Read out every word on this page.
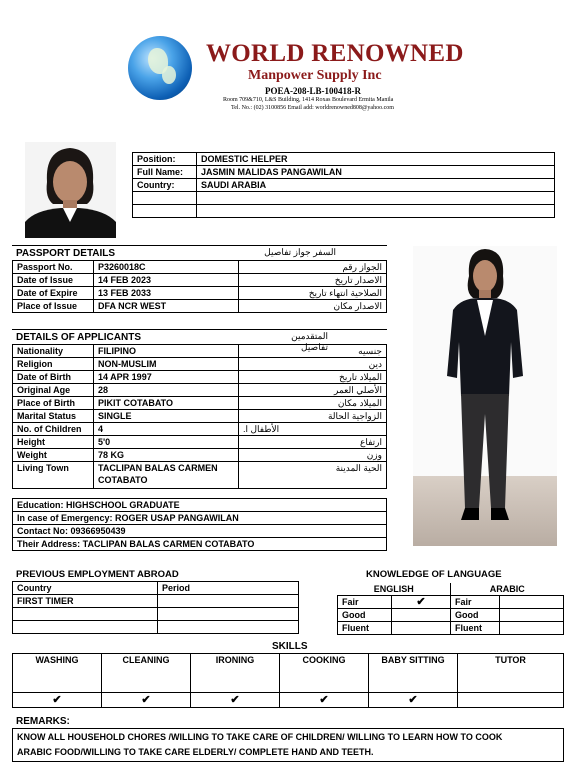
WORLD RENOWNED
Manpower Supply Inc
POEA-208-LB-100418-R
Room 709&710, L&S Building, 1414 Roxas Boulevard Ermita Manila
Tel. No.: (02) 3100856 Email add: worldrenowned808@yahoo.com
Position:	DOMESTIC HELPER
Full Name:	JASMIN MALIDAS PANGAWILAN
Country:	SAUDI ARABIA

PASSPORT DETAILS	السفر جواز تفاصيل
Passport No.	P3260018C	الجواز رقم
Date of Issue	14 FEB 2023	الاصدار تاريخ
Date of Expire	13 FEB 2033	الصلاحية انتهاء تاريخ
Place of Issue	DFA NCR WEST	الاصدار مكان
DETAILS OF APPLICANTS	المتقدمين تفاصيل
Nationality	FILIPINO	جنسيه
Religion	NON-MUSLIM	دين
Date of Birth	14 APR 1997	الميلاد تاريخ
Original Age	28	الأصلي العمر
Place of Birth	PIKIT COTABATO	الميلاد مكان
Marital Status	SINGLE	الزواجية الحالة
No. of Children	4	الأطفال ا.
Height	5'0	ارتفاع
Weight	78 KG	وزن
Living Town	TACLIPAN BALAS CARMEN
COTABATO	الحية المدينة
Education: HIGHSCHOOL GRADUATE
In case of Emergency: ROGER USAP PANGAWILAN
Contact No: 09366950439
Their Address: TACLIPAN BALAS CARMEN COTABATO
PREVIOUS EMPLOYMENT ABROAD
Country	Period
FIRST TIMER	

KNOWLEDGE OF LANGUAGE
ENGLISH		ARABIC	
Fair	✔	Fair	
Good		Good	
Fluent		Fluent	
SKILLS
WASHING	CLEANING	IRONING	COOKING	BABY SITTING	TUTOR
✔	✔	✔	✔	✔	
REMARKS:
KNOW ALL HOUSEHOLD CHORES /WILLING TO TAKE CARE OF CHILDREN/ WILLING TO LEARN HOW TO COOK
ARABIC FOOD/WILLING TO TAKE CARE ELDERLY/ COMPLETE HAND AND TEETH.
